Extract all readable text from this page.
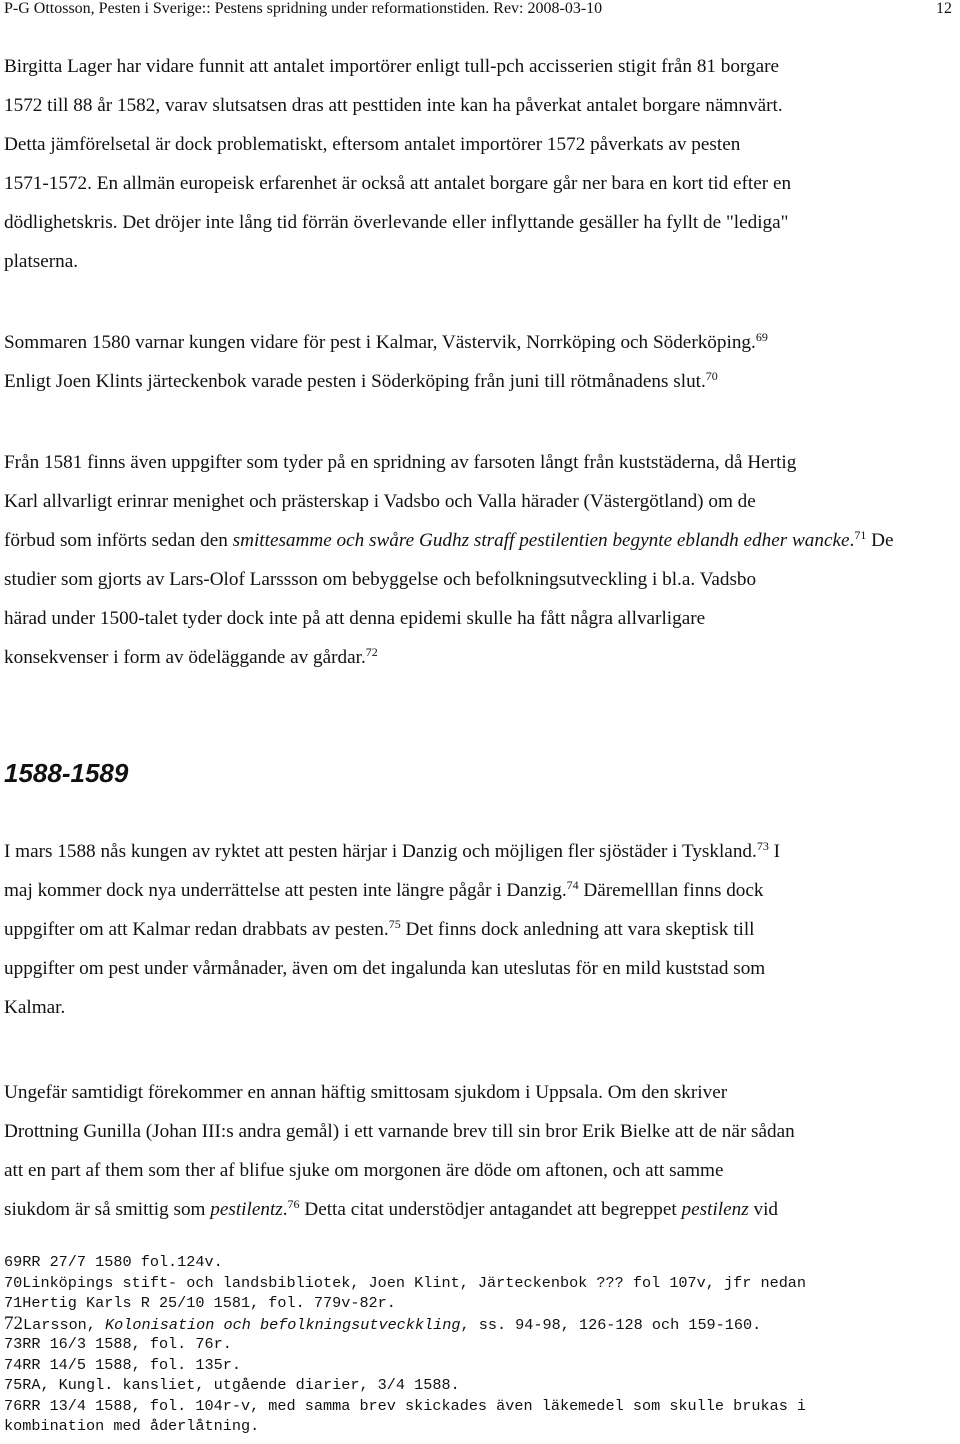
P-G Ottosson, Pesten i Sverige:: Pestens spridning under reformationstiden. Rev: 2008-03-10	12
Birgitta Lager har vidare funnit att antalet importörer enligt tull-pch accisserien stigit från 81 borgare
1572 till 88 år 1582, varav slutsatsen dras att pesttiden inte kan ha påverkat antalet borgare nämnvärt.
Detta jämförelsetal är dock problematiskt, eftersom antalet importörer 1572 påverkats av pesten
1571-1572. En allmän europeisk erfarenhet är också att antalet borgare går ner bara en kort tid efter en
dödlighetskris. Det dröjer inte lång tid förrän överlevande eller inflyttande gesäller ha fyllt de "lediga"
platserna.
Sommaren 1580 varnar kungen vidare för pest i Kalmar, Västervik, Norrköping och Söderköping.$^{69}$
Enligt Joen Klints järteckenbok varade pesten i Söderköping från juni till rötmånadens slut.$^{70}$
Från 1581 finns även uppgifter som tyder på en spridning av farsoten långt från kuststäderna, då Hertig
Karl allvarligt erinrar menighet och prästerskap i Vadsbo och Valla härader (Västergötland) om de
förbud som införts sedan den smittesamme och swåre Gudhz straff pestilentien begynte eblandh edher wancke.$^{71}$ De
studier som gjorts av Lars-Olof Larssson om bebyggelse och befolkningsutveckling i bl.a. Vadsbo
härad under 1500-talet tyder dock inte på att denna epidemi skulle ha fått några allvarligare
konsekvenser i form av ödeläggande av gårdar.$^{72}$
1588-1589
I mars 1588 nås kungen av ryktet att pesten härjar i Danzig och möjligen fler sjöstäder i Tyskland.$^{73}$ I
maj kommer dock nya underrättelse att pesten inte längre pågår i Danzig.$^{74}$ Däremelllan finns dock
uppgifter om att Kalmar redan drabbats av pesten.$^{75}$ Det finns dock anledning att vara skeptisk till
uppgifter om pest under vårmånader, även om det ingalunda kan uteslutas för en mild kuststad som
Kalmar.
Ungefär samtidigt förekommer en annan häftig smittosam sjukdom i Uppsala. Om den skriver
Drottning Gunilla (Johan III:s andra gemål) i ett varnande brev till sin bror Erik Bielke att de när sådan
att en part af them som ther af blifue sjuke om morgonen äre döde om aftonen, och att samme
siukdom är så smittig som pestilentz.$^{76}$ Detta citat understödjer antagandet att begreppet pestilenz vid
69RR 27/7 1580 fol.124v.
70Linköpings stift- och landsbibliotek, Joen Klint, Järteckenbok ??? fol 107v, jfr nedan
71Hertig Karls R 25/10 1581, fol. 779v-82r.
72Larsson, Kolonisation och befolkningsutveckkling, ss. 94-98, 126-128 och 159-160.
73RR 16/3 1588, fol. 76r.
74RR 14/5 1588, fol. 135r.
75RA, Kungl. kansliet, utgående diarier, 3/4 1588.
76RR 13/4 1588, fol. 104r-v, med samma brev skickades även läkemedel som skulle brukas i
kombination med åderlåtning.
